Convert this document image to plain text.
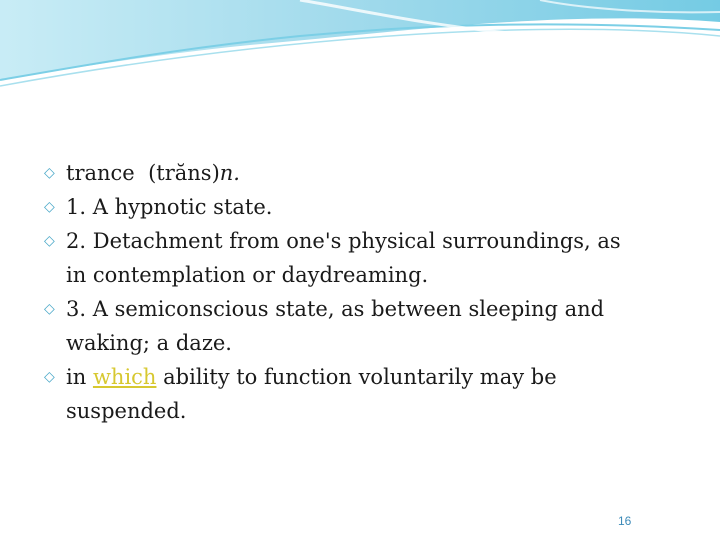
◇ trance (trăns)n.

◇ 1. A hypnotic state.

◇ 2. Detachment from one's physical surroundings, as in contemplation or daydreaming.

◇ 3. A semiconscious state, as between sleeping and waking; a daze.

◇ in which ability to function voluntarily may be suspended.

16
